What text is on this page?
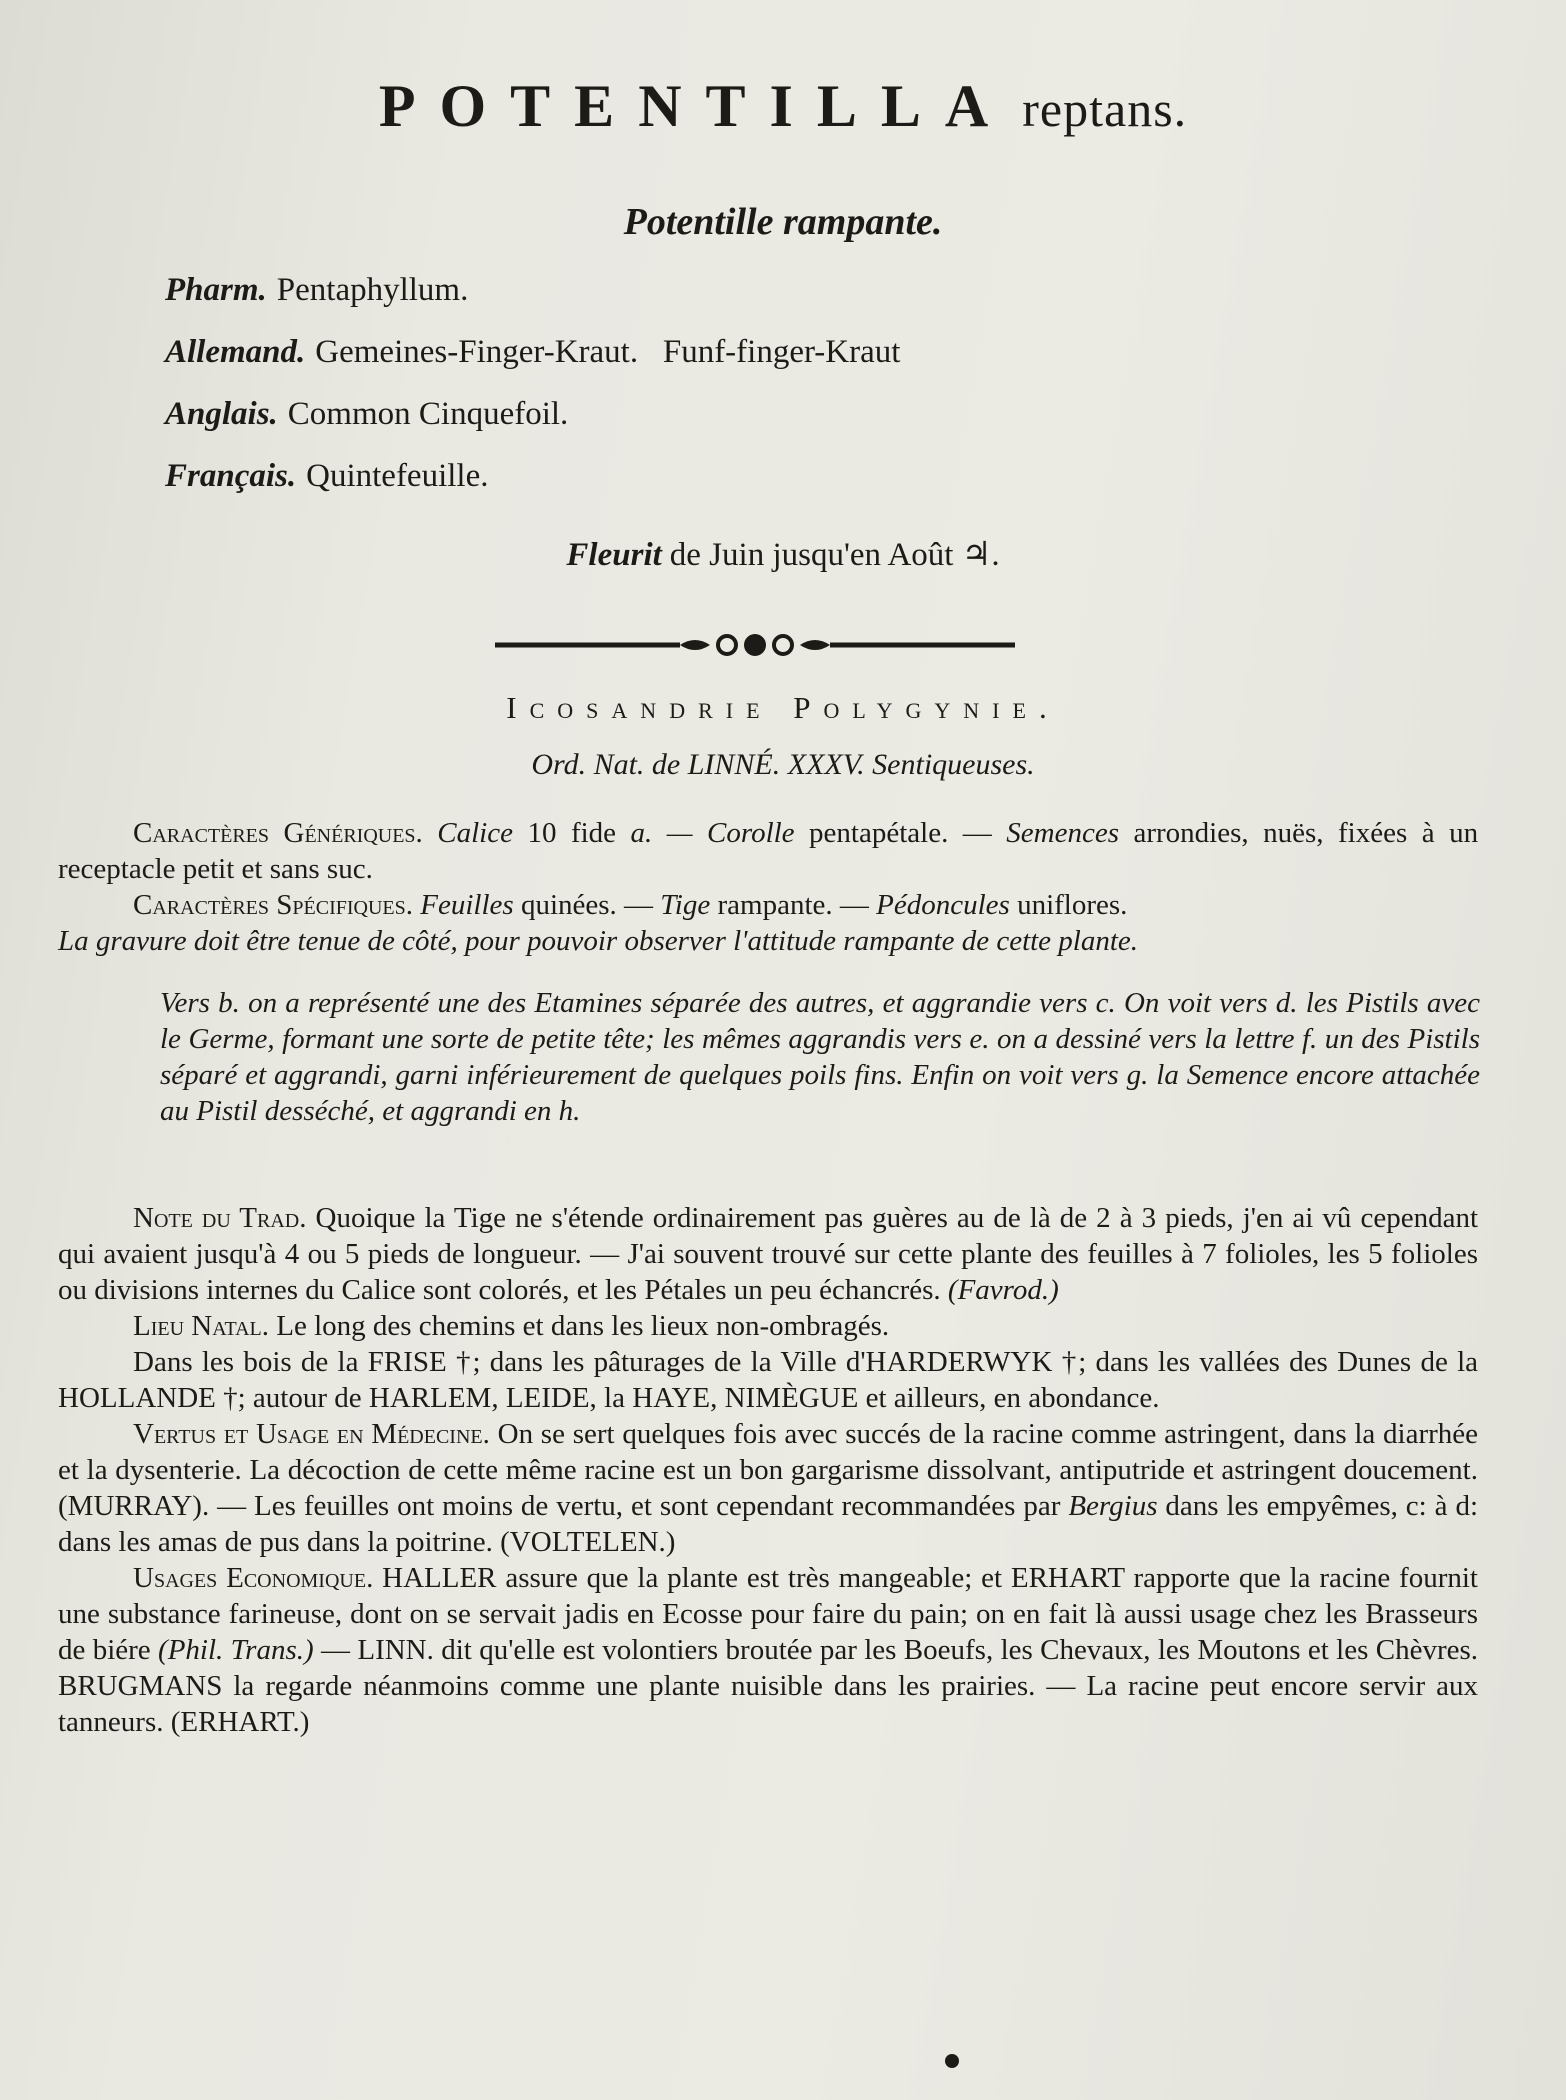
POTENTILLA reptans.
Potentille rampante.
Pharm. Pentaphyllum.
Allemand. Gemeines-Finger-Kraut.   Funf-finger-Kraut
Anglais. Common Cinquefoil.
Français. Quintefeuille.
Fleurit de Juin jusqu'en Août ♃.
Icosandrie Polygynie.
Ord. Nat. de LINNÉ. XXXV. Sentiqueuses.

Caractères Génériques. Calice 10 fide a. — Corolle pentapétale. — Semences arrondies, nuës, fixées à un receptacle petit et sans suc.

Caractères Spécifiques. Feuilles quinées. — Tige rampante. — Pédoncules uniflores.

La gravure doit être tenue de côté, pour pouvoir observer l'attitude rampante de cette plante.

Vers b. on a représenté une des Etamines séparée des autres, et aggrandie vers c. On voit vers d. les Pistils avec le Germe, formant une sorte de petite tête; les mêmes aggrandis vers e. on a dessiné vers la lettre f. un des Pistils séparé et aggrandi, garni inférieurement de quelques poils fins. Enfin on voit vers g. la Semence encore attachée au Pistil desséché, et aggrandi en h.

Note du Trad. Quoique la Tige ne s'étende ordinairement pas guères au de là de 2 à 3 pieds, j'en ai vû cependant qui avaient jusqu'à 4 ou 5 pieds de longueur. — J'ai souvent trouvé sur cette plante des feuilles à 7 folioles, les 5 folioles ou divisions internes du Calice sont colorés, et les Pétales un peu échancrés. (Favrod.)

Lieu Natal. Le long des chemins et dans les lieux non-ombragés.

Dans les bois de la FRISE †; dans les pâturages de la Ville d'HARDERWYK †; dans les vallées des Dunes de la HOLLANDE †; autour de HARLEM, LEIDE, la HAYE, NIMÈGUE et ailleurs, en abondance.

Vertus et Usage en Médecine. On se sert quelques fois avec succés de la racine comme astringent, dans la diarrhée et la dysenterie. La décoction de cette même racine est un bon gargarisme dissolvant, antiputride et astringent doucement. (MURRAY). — Les feuilles ont moins de vertu, et sont cependant recommandées par Bergius dans les empyêmes, c: à d: dans les amas de pus dans la poitrine. (VOLTELEN.)

Usages Economique. HALLER assure que la plante est très mangeable; et ERHART rapporte que la racine fournit une substance farineuse, dont on se servait jadis en Ecosse pour faire du pain; on en fait là aussi usage chez les Brasseurs de biére (Phil. Trans.) — LINN. dit qu'elle est volontiers broutée par les Boeufs, les Chevaux, les Moutons et les Chèvres. BRUGMANS la regarde néanmoins comme une plante nuisible dans les prairies. — La racine peut encore servir aux tanneurs. (ERHART.)
